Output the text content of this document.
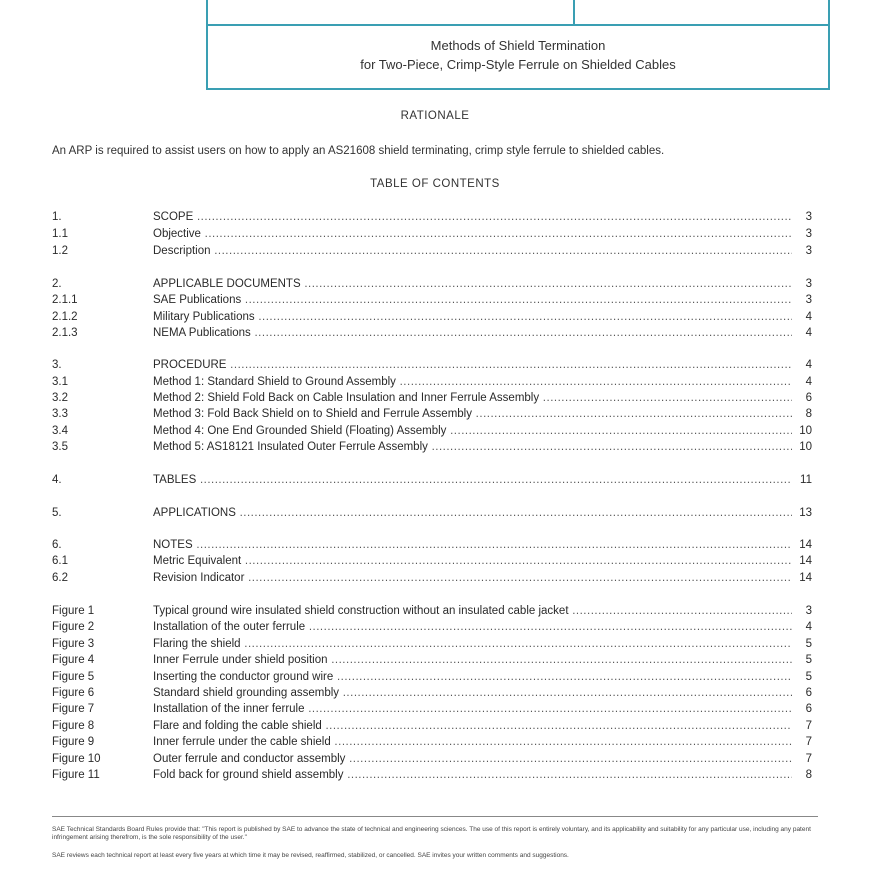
Methods of Shield Termination
for Two-Piece, Crimp-Style Ferrule on Shielded Cables
RATIONALE
An ARP is required to assist users on how to apply an AS21608 shield terminating, crimp style ferrule to shielded cables.
TABLE OF CONTENTS
1.	SCOPE .....	3
1.1	Objective .....	3
1.2	Description .....	3
2.	APPLICABLE DOCUMENTS .....	3
2.1.1	SAE Publications .....	3
2.1.2	Military Publications .....	4
2.1.3	NEMA Publications .....	4
3.	PROCEDURE .....	4
3.1	Method 1: Standard Shield to Ground Assembly .....	4
3.2	Method 2: Shield Fold Back on Cable Insulation and Inner Ferrule Assembly .....	6
3.3	Method 3: Fold Back Shield on to Shield and Ferrule Assembly .....	8
3.4	Method 4: One End Grounded Shield (Floating) Assembly .....	10
3.5	Method 5: AS18121 Insulated Outer Ferrule Assembly .....	10
4.	TABLES .....	11
5.	APPLICATIONS .....	13
6.	NOTES .....	14
6.1	Metric Equivalent .....	14
6.2	Revision Indicator .....	14
Figure 1	Typical ground wire insulated shield construction without an insulated cable jacket .....	3
Figure 2	Installation of the outer ferrule .....	4
Figure 3	Flaring the shield .....	5
Figure 4	Inner Ferrule under shield position .....	5
Figure 5	Inserting the conductor ground wire .....	5
Figure 6	Standard shield grounding assembly .....	6
Figure 7	Installation of the inner ferrule .....	6
Figure 8	Flare and folding the cable shield .....	7
Figure 9	Inner ferrule under the cable shield .....	7
Figure 10	Outer ferrule and conductor assembly .....	7
Figure 11	Fold back for ground shield assembly .....	8
SAE Technical Standards Board Rules provide that: "This report is published by SAE to advance the state of technical and engineering sciences. The use of this report is entirely voluntary, and its applicability and suitability for any particular use, including any patent infringement arising therefrom, is the sole responsibility of the user."
SAE reviews each technical report at least every five years at which time it may be revised, reaffirmed, stabilized, or cancelled. SAE invites your written comments and suggestions.
